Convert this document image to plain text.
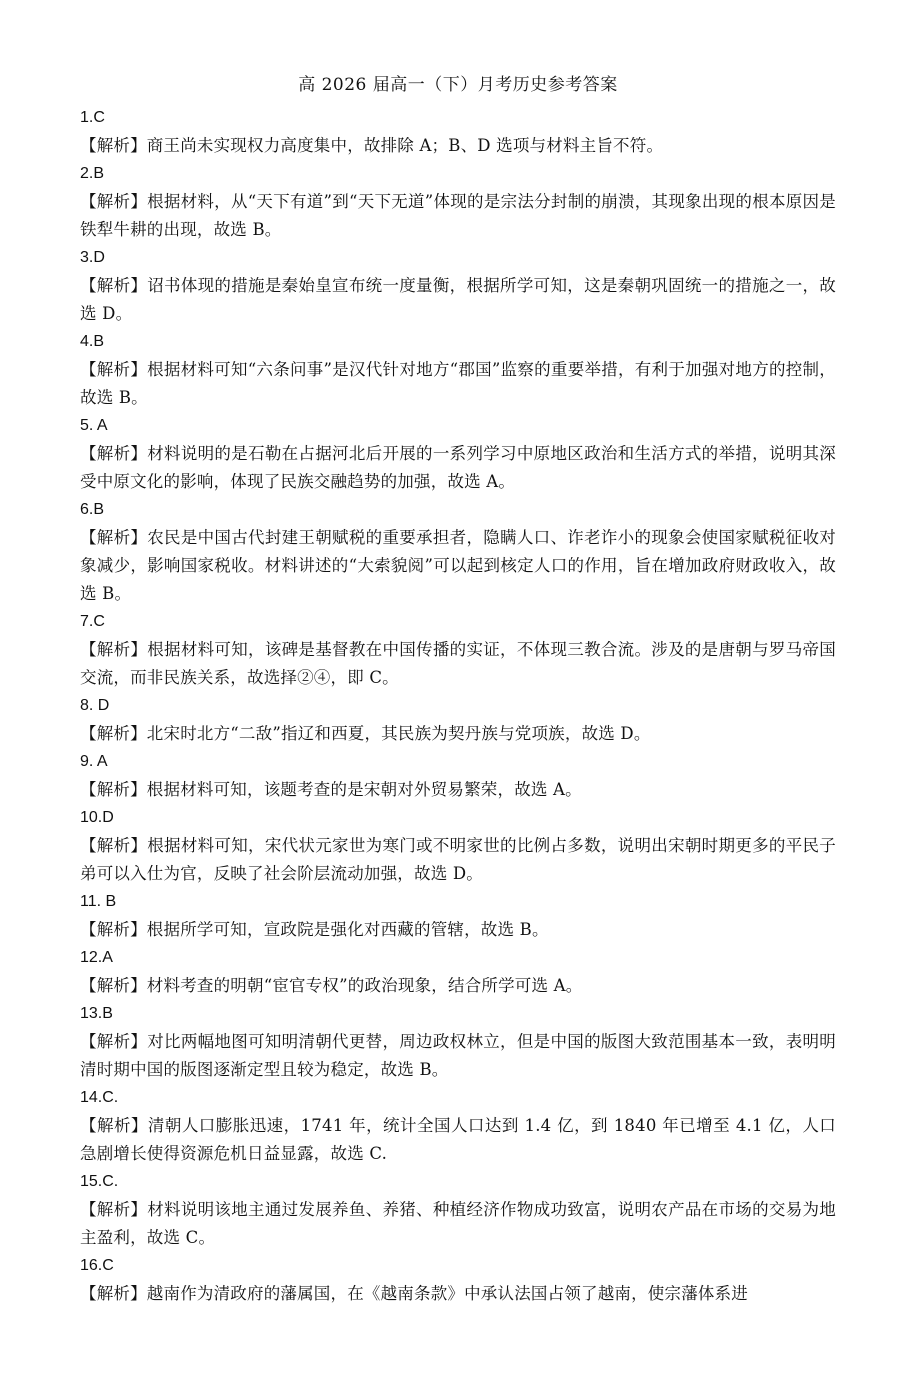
高 2026 届高一（下）月考历史参考答案
1.C
【解析】商王尚未实现权力高度集中，故排除 A；B、D 选项与材料主旨不符。
2.B
【解析】根据材料，从“天下有道”到“天下无道”体现的是宗法分封制的崩溃，其现象出现的根本原因是铁犁牛耕的出现，故选 B。
3.D
【解析】诏书体现的措施是秦始皇宣布统一度量衡，根据所学可知，这是秦朝巩固统一的措施之一，故选 D。
4.B
【解析】根据材料可知“六条问事”是汉代针对地方“郡国”监察的重要举措，有利于加强对地方的控制，故选 B。
5. A
【解析】材料说明的是石勒在占据河北后开展的一系列学习中原地区政治和生活方式的举措，说明其深受中原文化的影响，体现了民族交融趋势的加强，故选 A。
6.B
【解析】农民是中国古代封建王朝赋税的重要承担者，隐瞒人口、诈老诈小的现象会使国家赋税征收对象减少，影响国家税收。材料讲述的“大索貌阅”可以起到核定人口的作用，旨在增加政府财政收入，故选 B。
7.C
【解析】根据材料可知，该碑是基督教在中国传播的实证，不体现三教合流。涉及的是唐朝与罗马帝国交流，而非民族关系，故选择②④，即 C。
8. D
【解析】北宋时北方“二敌”指辽和西夏，其民族为契丹族与党项族，故选 D。
9. A
【解析】根据材料可知，该题考查的是宋朝对外贸易繁荣，故选 A。
10.D
【解析】根据材料可知，宋代状元家世为寒门或不明家世的比例占多数，说明出宋朝时期更多的平民子弟可以入仕为官，反映了社会阶层流动加强，故选 D。
11. B
【解析】根据所学可知，宣政院是强化对西藏的管辖，故选 B。
12.A
【解析】材料考查的明朝“宦官专权”的政治现象，结合所学可选 A。
13.B
【解析】对比两幅地图可知明清朝代更替，周边政权林立，但是中国的版图大致范围基本一致，表明明清时期中国的版图逐渐定型且较为稳定，故选 B。
14.C.
【解析】清朝人口膨胀迅速，1741 年，统计全国人口达到 1.4 亿，到 1840 年已增至 4.1 亿，人口急剧增长使得资源危机日益显露，故选 C.
15.C.
【解析】材料说明该地主通过发展养鱼、养猪、种植经济作物成功致富，说明农产品在市场的交易为地主盈利，故选 C。
16.C
【解析】越南作为清政府的藩属国，在《越南条款》中承认法国占领了越南，使宗藩体系进
